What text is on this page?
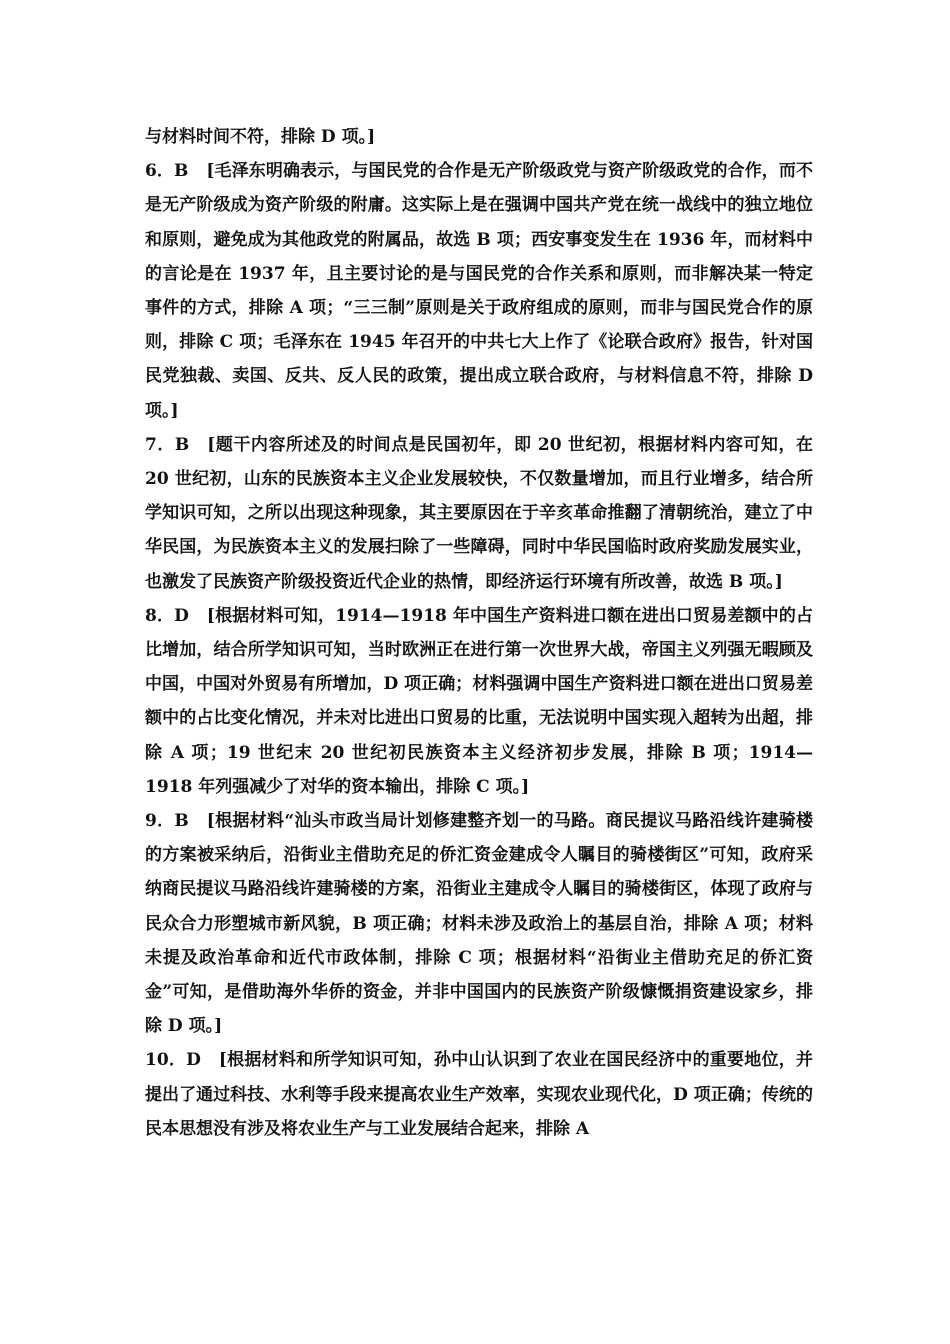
与材料时间不符，排除 D 项。]

6．B [毛泽东明确表示，与国民党的合作是无产阶级政党与资产阶级政党的合作，而不是无产阶级成为资产阶级的附庸。这实际上是在强调中国共产党在统一战线中的独立地位和原则，避免成为其他政党的附属品，故选 B 项；西安事变发生在 1936 年，而材料中的言论是在 1937 年，且主要讨论的是与国民党的合作关系和原则，而非解决某一特定事件的方式，排除 A 项；“三三制”原则是关于政府组成的原则，而非与国民党合作的原则，排除 C 项；毛泽东在 1945 年召开的中共七大上作了《论联合政府》报告，针对国民党独裁、卖国、反共、反人民的政策，提出成立联合政府，与材料信息不符，排除 D 项。]

7．B [题干内容所述及的时间点是民国初年，即 20 世纪初，根据材料内容可知，在 20 世纪初，山东的民族资本主义企业发展较快，不仅数量增加，而且行业增多，结合所学知识可知，之所以出现这种现象，其主要原因在于辛亥革命推翻了清朝统治，建立了中华民国，为民族资本主义的发展扫除了一些障碍，同时中华民国临时政府奖励发展实业，也激发了民族资产阶级投资近代企业的热情，即经济运行环境有所改善，故选 B 项。]

8．D [根据材料可知，1914—1918 年中国生产资料进口额在进出口贸易差额中的占比增加，结合所学知识可知，当时欧洲正在进行第一次世界大战，帝国主义列强无暇顾及中国，中国对外贸易有所增加，D 项正确；材料强调中国生产资料进口额在进出口贸易差额中的占比变化情况，并未对比进出口贸易的比重，无法说明中国实现入超转为出超，排除 A 项；19 世纪末 20 世纪初民族资本主义经济初步发展，排除 B 项；1914—1918 年列强减少了对华的资本输出，排除 C 项。]

9．B [根据材料“汕头市政当局计划修建整齐划一的马路。商民提议马路沿线许建骑楼的方案被采纳后，沿街业主借助充足的侨汇资金建成令人瞩目的骑楼街区”可知，政府采纳商民提议马路沿线许建骑楼的方案，沿街业主建成令人瞩目的骑楼街区，体现了政府与民众合力形塑城市新风貌，B 项正确；材料未涉及政治上的基层自治，排除 A 项；材料未提及政治革命和近代市政体制，排除 C 项；根据材料“沿街业主借助充足的侨汇资金”可知，是借助海外华侨的资金，并非中国国内的民族资产阶级慷慨捐资建设家乡，排除 D 项。]

10．D [根据材料和所学知识可知，孙中山认识到了农业在国民经济中的重要地位，并提出了通过科技、水利等手段来提高农业生产效率，实现农业现代化，D 项正确；传统的民本思想没有涉及将农业生产与工业发展结合起来，排除 A
